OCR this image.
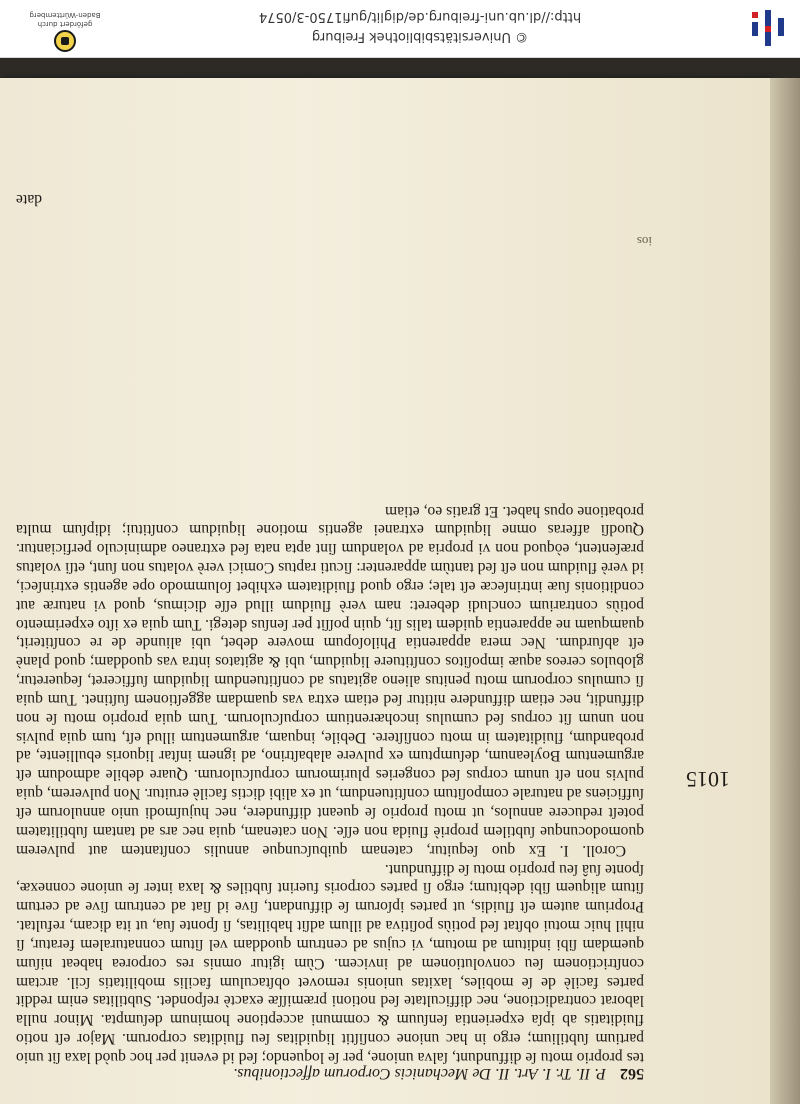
gefördert durch
Baden-Württemberg
© Universitätsbibliothek Freiburg
http://dl.ub.uni-freiburg.de/diglit/gufi1750-3/0574
562 P. II. Tr. I. Art. II. De Mechanicis Corporum affectionibus.

tes proprio motu ſe diffundunt, ſalva unione, per ſe loquendo; ſed id evenit per hoc quòd laxa ſit unio partium ſubtilium; ergo in hac unione conſiſtit liquiditas ſeu fluiditas corporum. Major eſt notio fluiditatis ab ipſa experientia ſenſuum & communi acceptione hominum deſumpta. Minor nulla laborat contradictione, nec difficultate ſed notioni præmiſſæ exactè reſpondet. Subtilitas enim reddit partes facilè de ſe mobiles, laxitas unionis removet obſtaculum facilis mobilitatis ſcil. arctam conſtrictionem ſeu convolutionem ad invicem. Cùm igitur omnis res corporea habeat niſum quemdam ſibi inditum ad motum, vi cujus ad centrum quoddam vel ſitum connaturalem feratur, ſi nihil huic motui obſtat ſed potiùs poſitiva ad illum adſit habilitas, ſi ſponte ſua, ut ita dicam, refultat. Proprium autem eſt fluidis, ut partes ipſorum ſe diffundant, ſive id ſiat ad centrum ſive ad certum ſitum aliquem ſibi debitum; ergo ſi partes corporis fuerint ſubtiles & laxa inter ſe unione connexæ, ſponte ſuâ ſeu proprio motu ſe diffundunt.

Coroll. I. Ex quo ſequitur, catenam quibuſcunque annulis conſtantem aut pulverem quomodocunque ſubtilem propriè fluida non eſſe. Non catenam, quia nec ars ad tantam ſubtilitatem poteſt reducere annulos, ut motu proprio ſe queant diffundere, nec hujuſmodi unio annulorum eſt ſufficiens ad naturale compoſitum conſtituendum, ut ex alibi dictis facilè eruitur. Non pulverem, quia pulvis non eſt unum corpus ſed congeries plurimorum corpuſculorum. Quare debile admodum eſt argumentum Boyleanum, deſumptum ex pulvere alabaſtrino, ad ignem inſtar liquoris ebulliente, ad probandum, fluiditatem in motu conſiſtere. Debile, inquam, argumentum illud eſt, tum quia pulvis non unum ſit corpus ſed cumulus incohærentium corpuſculorum. Tum quia proprio motu ſe non diffundit, nec etiam diffundere nititur ſed etiam extra vas quamdam aggeſtionem ſuſtinet. Tum quia ſi cumulus corporum motu penitus alieno agitatus ad conſtituendum liquidum ſufficeret, ſequeretur, globulos cereos aquæ impoſitos conſtituere liquidum, ubi & agitatos intra vas quoddam; quod planè eſt abſurdum. Nec mera apparentia Philoſopum movere debet, ubi aliunde de re conſtiterit, quamquam ne apparentia quidem talis ſit, quin poſſit per ſenſus detegi. Tum quia ex iſto experimento potiùs contrarium concludi deberet: nam verè fluidum illud eſſe dicimus, quod vi naturæ aut conditionis ſuæ intrinſecæ eſt tale; ergo quod fluiditatem exhibet ſolummodo ope agentis extrinſeci, id verè fluidum non eſt ſed tantùm apparenter: ſicuti raptus Comici verè volatus non ſunt, etſi volatus præſentent, eòquod non vi propria ad volandum ſint apta nata ſed extraneo adminiculo perficiantur. Quodſi afferas omne liquidum extranei agentis motione liquidum conſtitui; idipſum multa probatione opus habet. Et gratis eo, etiam

1015
ios
date
